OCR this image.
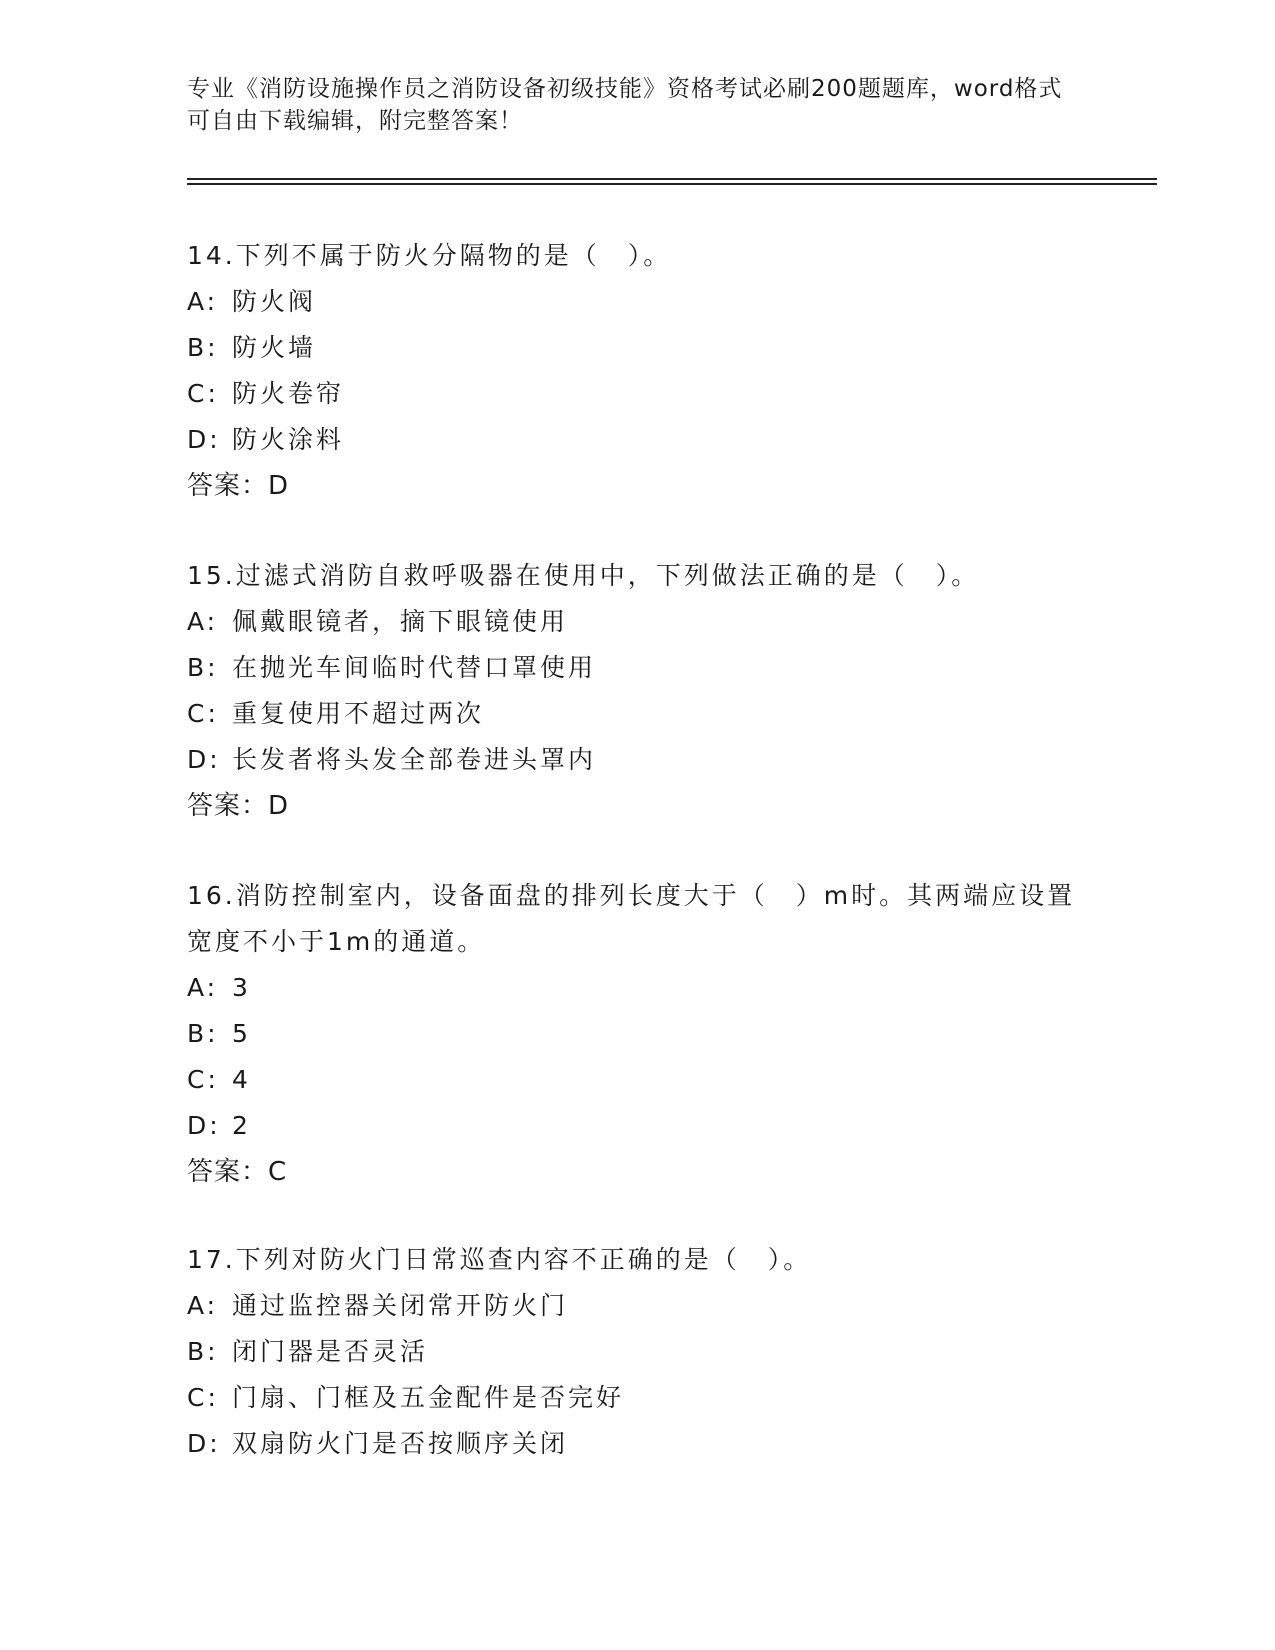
专业《消防设施操作员之消防设备初级技能》资格考试必刷200题题库，word格式可自由下载编辑，附完整答案！
14.下列不属于防火分隔物的是（　）。
A: 防火阀
B: 防火墙
C: 防火卷帘
D: 防火涂料
答案：D
15.过滤式消防自救呼吸器在使用中，下列做法正确的是（　）。
A: 佩戴眼镜者，摘下眼镜使用
B: 在抛光车间临时代替口罩使用
C: 重复使用不超过两次
D: 长发者将头发全部卷进头罩内
答案：D
16.消防控制室内，设备面盘的排列长度大于（　）m时。其两端应设置宽度不小于1m的通道。
A: 3
B: 5
C: 4
D: 2
答案：C
17.下列对防火门日常巡查内容不正确的是（　）。
A: 通过监控器关闭常开防火门
B: 闭门器是否灵活
C: 门扇、门框及五金配件是否完好
D: 双扇防火门是否按顺序关闭
